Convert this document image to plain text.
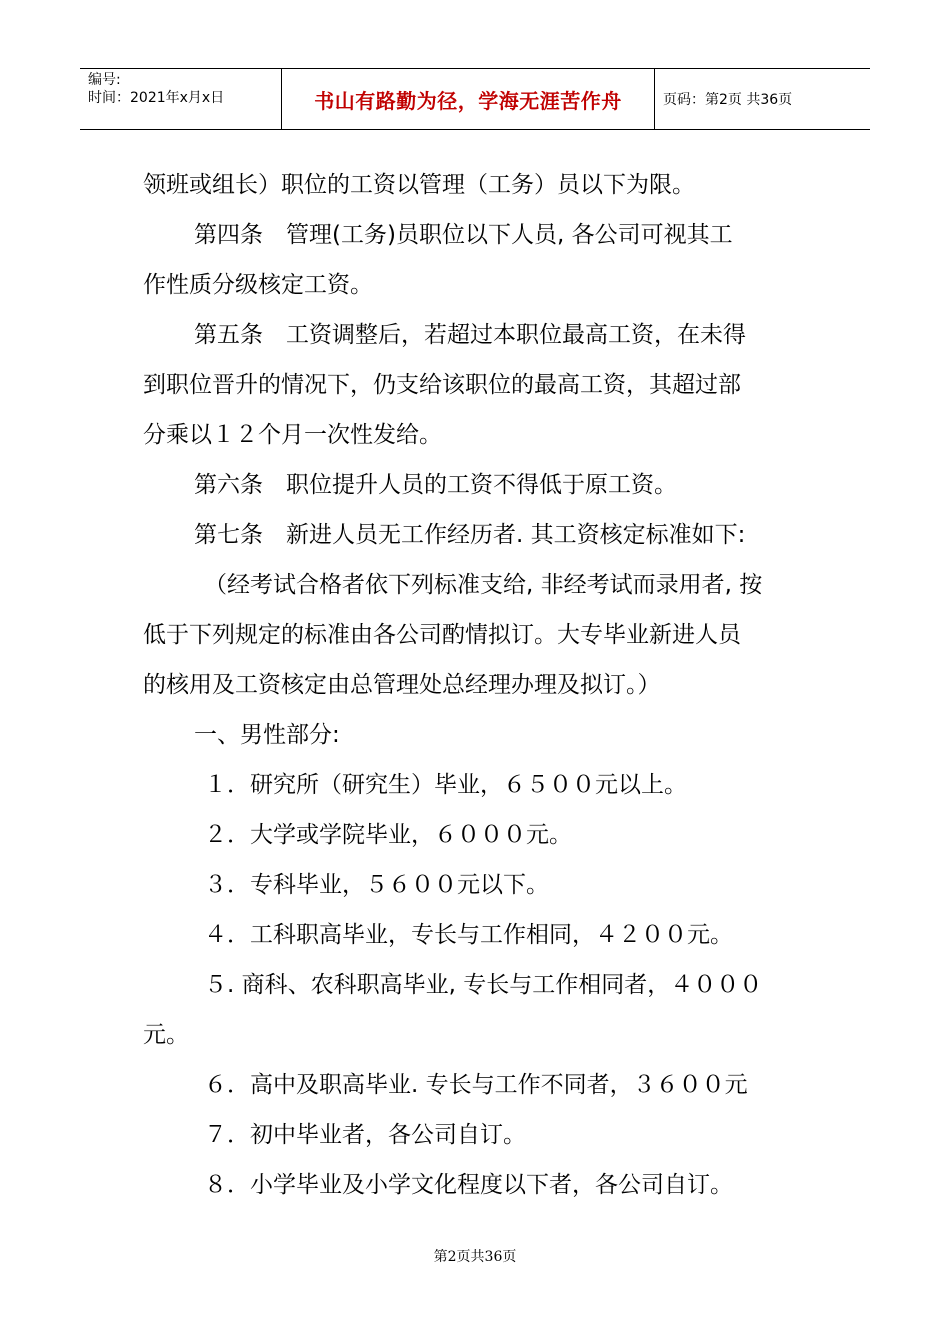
编号:
时间：2021年x月x日	书山有路勤为径，学海无涯苦作舟	页码：第2页 共36页

领班或组长）职位的工资以管理（工务）员以下为限。

第四条　管理(工务)员职位以下人员, 各公司可视其工

作性质分级核定工资。

第五条　工资调整后，若超过本职位最高工资，在未得

到职位晋升的情况下，仍支给该职位的最高工资，其超过部

分乘以１２个月一次性发给。

第六条　职位提升人员的工资不得低于原工资。

第七条　新进人员无工作经历者. 其工资核定标准如下:

（经考试合格者依下列标准支给, 非经考试而录用者, 按

低于下列规定的标准由各公司酌情拟订。大专毕业新进人员

的核用及工资核定由总管理处总经理办理及拟订。）

一、男性部分:

１．研究所（研究生）毕业，６５００元以上。

２．大学或学院毕业，６０００元。

３．专科毕业，５６００元以下。

４．工科职高毕业，专长与工作相同，４２００元。

５. 商科、农科职高毕业, 专长与工作相同者，４０００

元。

６．高中及职高毕业. 专长与工作不同者，３６００元

７．初中毕业者，各公司自订。

８．小学毕业及小学文化程度以下者，各公司自订。

第2页共36页
